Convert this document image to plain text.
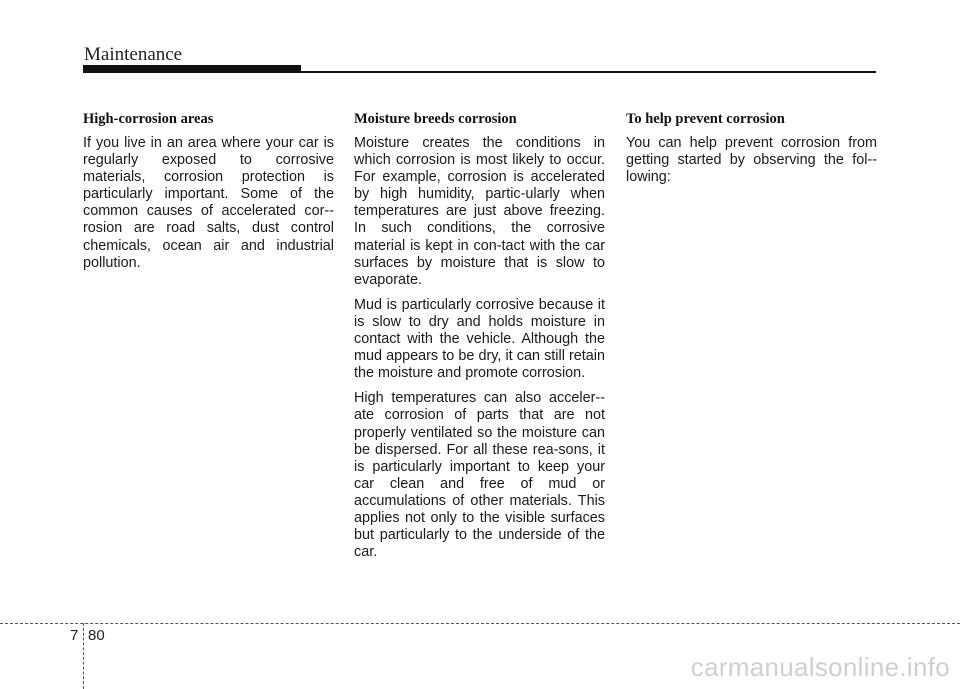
Maintenance
High-corrosion areas

If you live in an area where your car is regularly exposed to corrosive materials, corrosion protection is particularly important. Some of the common causes of accelerated cor-rosion are road salts, dust control chemicals, ocean air and industrial pollution.

Moisture breeds corrosion

Moisture creates the conditions in which corrosion is most likely to occur. For example, corrosion is accelerated by high humidity, partic-ularly when temperatures are just above freezing. In such conditions, the corrosive material is kept in con-tact with the car surfaces by moisture that is slow to evaporate.

Mud is particularly corrosive because it is slow to dry and holds moisture in contact with the vehicle. Although the mud appears to be dry, it can still retain the moisture and promote corrosion.

High temperatures can also acceler-ate corrosion of parts that are not properly ventilated so the moisture can be dispersed. For all these rea-sons, it is particularly important to keep your car clean and free of mud or accumulations of other materials. This applies not only to the visible surfaces but particularly to the underside of the car.

To help prevent corrosion

You can help prevent corrosion from getting started by observing the fol-lowing:

7 80
carmanualsonline.info
